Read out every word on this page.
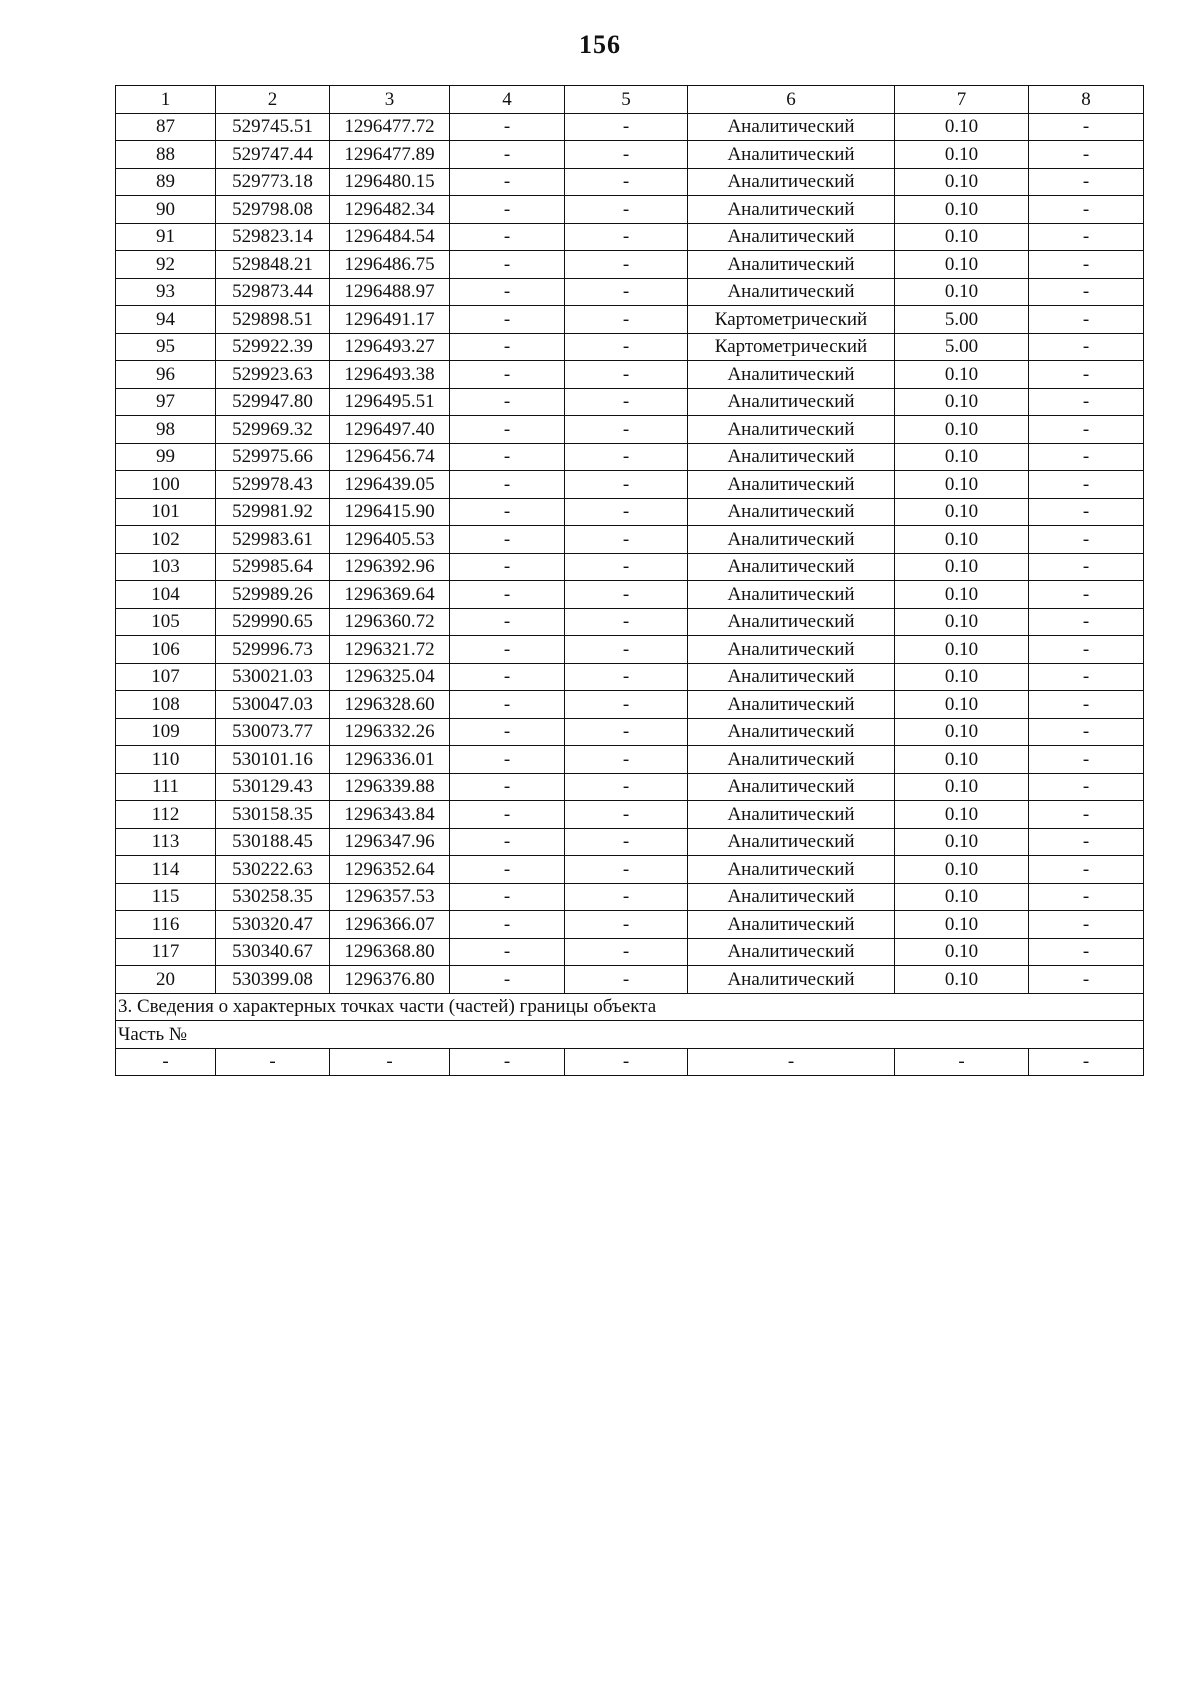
156
1	2	3	4	5	6	7	8
87	529745.51	1296477.72	-	-	Аналитический	0.10	-
88	529747.44	1296477.89	-	-	Аналитический	0.10	-
89	529773.18	1296480.15	-	-	Аналитический	0.10	-
90	529798.08	1296482.34	-	-	Аналитический	0.10	-
91	529823.14	1296484.54	-	-	Аналитический	0.10	-
92	529848.21	1296486.75	-	-	Аналитический	0.10	-
93	529873.44	1296488.97	-	-	Аналитический	0.10	-
94	529898.51	1296491.17	-	-	Картометрический	5.00	-
95	529922.39	1296493.27	-	-	Картометрический	5.00	-
96	529923.63	1296493.38	-	-	Аналитический	0.10	-
97	529947.80	1296495.51	-	-	Аналитический	0.10	-
98	529969.32	1296497.40	-	-	Аналитический	0.10	-
99	529975.66	1296456.74	-	-	Аналитический	0.10	-
100	529978.43	1296439.05	-	-	Аналитический	0.10	-
101	529981.92	1296415.90	-	-	Аналитический	0.10	-
102	529983.61	1296405.53	-	-	Аналитический	0.10	-
103	529985.64	1296392.96	-	-	Аналитический	0.10	-
104	529989.26	1296369.64	-	-	Аналитический	0.10	-
105	529990.65	1296360.72	-	-	Аналитический	0.10	-
106	529996.73	1296321.72	-	-	Аналитический	0.10	-
107	530021.03	1296325.04	-	-	Аналитический	0.10	-
108	530047.03	1296328.60	-	-	Аналитический	0.10	-
109	530073.77	1296332.26	-	-	Аналитический	0.10	-
110	530101.16	1296336.01	-	-	Аналитический	0.10	-
111	530129.43	1296339.88	-	-	Аналитический	0.10	-
112	530158.35	1296343.84	-	-	Аналитический	0.10	-
113	530188.45	1296347.96	-	-	Аналитический	0.10	-
114	530222.63	1296352.64	-	-	Аналитический	0.10	-
115	530258.35	1296357.53	-	-	Аналитический	0.10	-
116	530320.47	1296366.07	-	-	Аналитический	0.10	-
117	530340.67	1296368.80	-	-	Аналитический	0.10	-
20	530399.08	1296376.80	-	-	Аналитический	0.10	-
3. Сведения о характерных точках части (частей) границы объекта							
Часть №							
-	-	-	-	-	-	-	-
